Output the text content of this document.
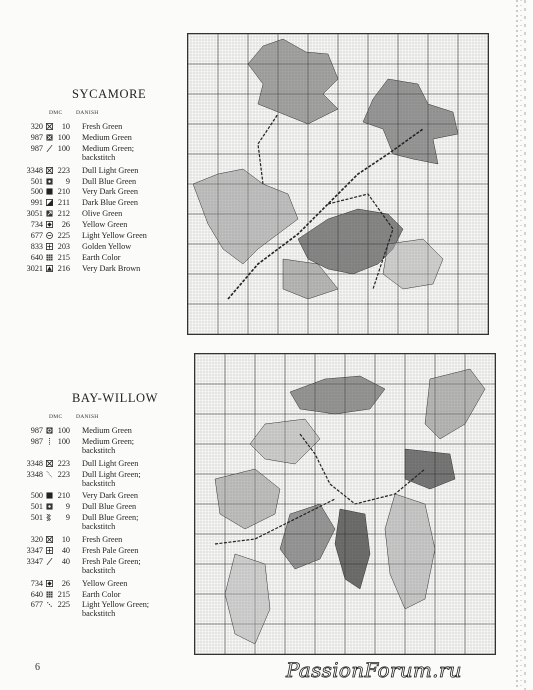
SYCAMORE
DMC DANISH
320	10 Fresh Green
987	100 Medium Green
987	100 Medium Green;
backstitch
3348	223 Dull Light Green
501	9 Dull Blue Green
500	210 Very Dark Green
991	211 Dark Blue Green
3051	212 Olive Green
734	26 Yellow Green
677	225 Light Yellow Green
833	203 Golden Yellow
640	215 Earth Color
3021	216 Very Dark Brown
BAY-WILLOW
DMC DANISH
987	100 Medium Green
987	100 Medium Green;
backstitch
3348	223 Dull Light Green
3348	223 Dull Light Green;
backstitch
500	210 Very Dark Green
501	9 Dull Blue Green
501	9 Dull Blue Green;
backstitch
320	10 Fresh Green
3347	40 Fresh Pale Green
3347	40 Fresh Pale Green;
backstitch
734	26 Yellow Green
640	215 Earth Color
677	225 Light Yellow Green;
backstitch
6	PassionForum.ru
